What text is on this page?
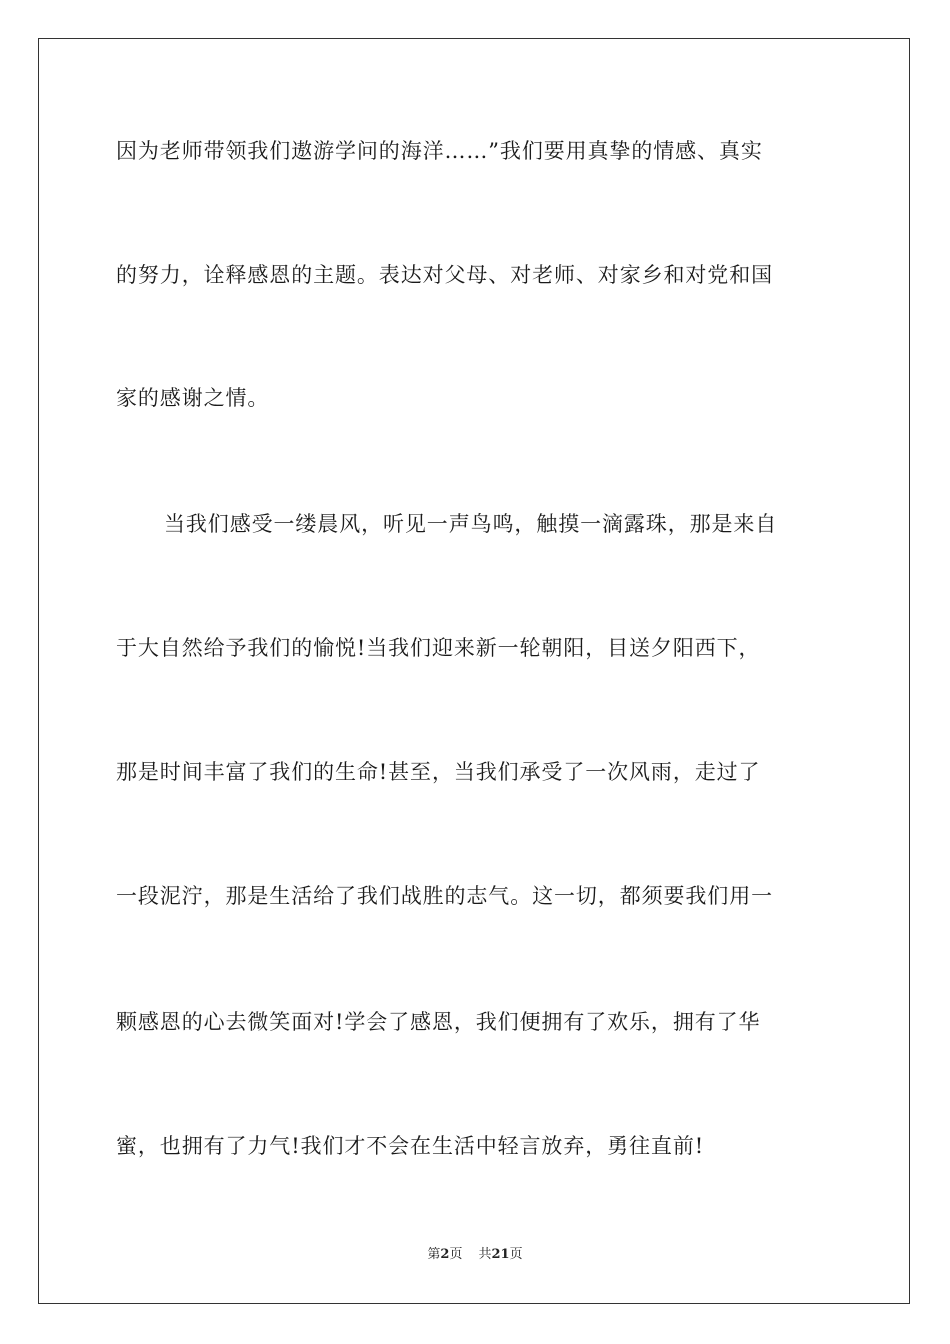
因为老师带领我们遨游学问的海洋……”我们要用真挚的情感、真实
的努力，诠释感恩的主题。表达对父母、对老师、对家乡和对党和国
家的感谢之情。
当我们感受一缕晨风，听见一声鸟鸣，触摸一滴露珠，那是来自
于大自然给予我们的愉悦!当我们迎来新一轮朝阳，目送夕阳西下，
那是时间丰富了我们的生命!甚至，当我们承受了一次风雨，走过了
一段泥泞，那是生活给了我们战胜的志气。这一切，都须要我们用一
颗感恩的心去微笑面对!学会了感恩，我们便拥有了欢乐，拥有了华
蜜，也拥有了力气!我们才不会在生活中轻言放弃，勇往直前!
第2页 共21页
